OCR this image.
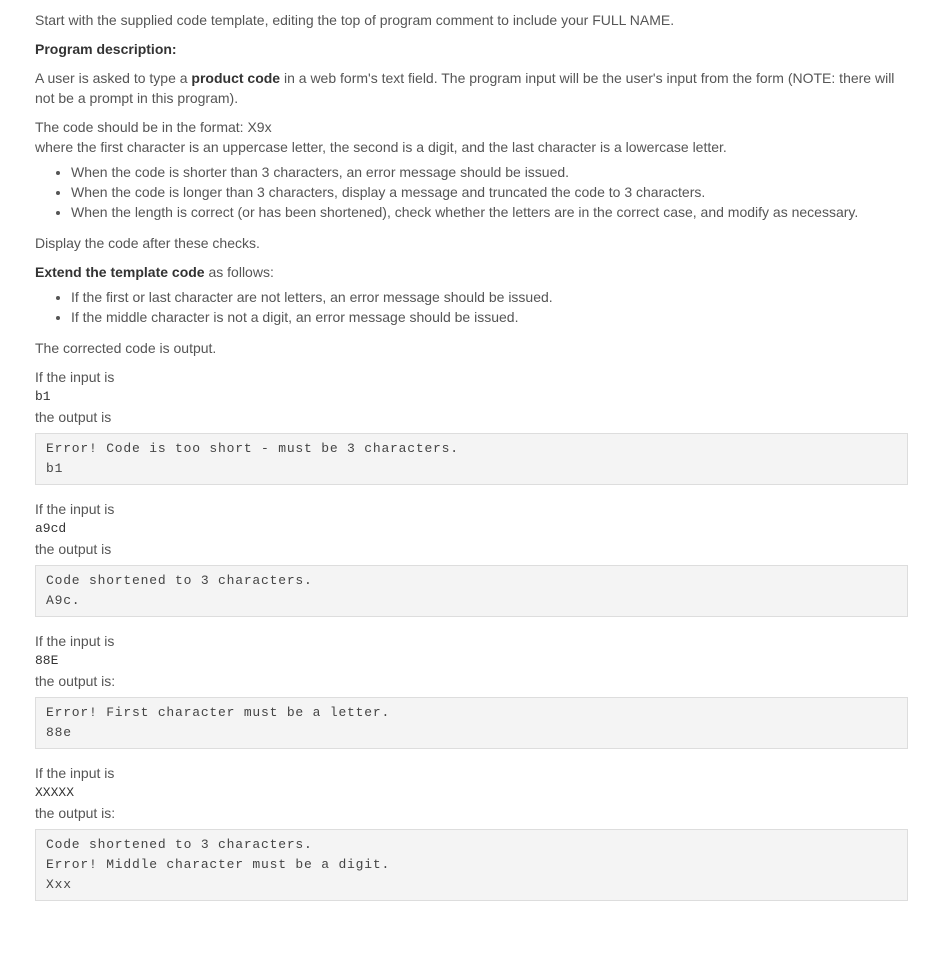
Start with the supplied code template, editing the top of program comment to include your FULL NAME.

Program description:

A user is asked to type a product code in a web form's text field. The program input will be the user's input from the form (NOTE: there will not be a prompt in this program).

The code should be in the format: X9x

where the first character is an uppercase letter, the second is a digit, and the last character is a lowercase letter.

• When the code is shorter than 3 characters, an error message should be issued.
• When the code is longer than 3 characters, display a message and truncated the code to 3 characters.
• When the length is correct (or has been shortened), check whether the letters are in the correct case, and modify as necessary.

Display the code after these checks.

Extend the template code as follows:

• If the first or last character are not letters, an error message should be issued.
• If the middle character is not a digit, an error message should be issued.

The corrected code is output.

If the input is

b1

the output is

Error! Code is too short - must be 3 characters.
b1

If the input is

a9cd

the output is

Code shortened to 3 characters.
A9c.

If the input is

88E

the output is:

Error! First character must be a letter.
88e

If the input is

XXXXX

the output is:

Code shortened to 3 characters.
Error! Middle character must be a digit.
Xxx
